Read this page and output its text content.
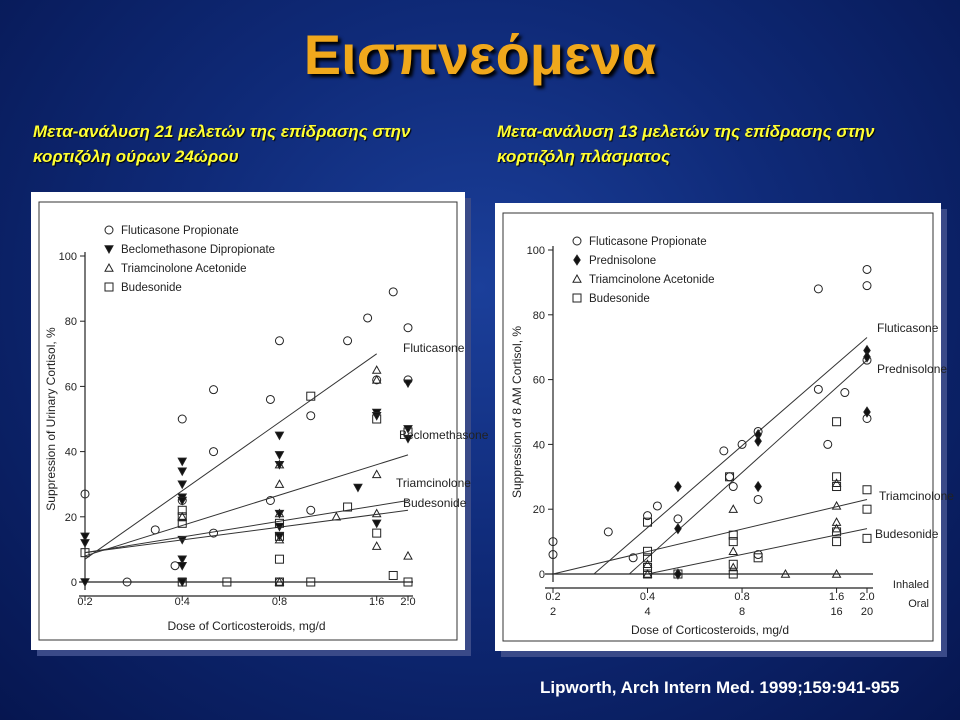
Εισπνεόμενα
Μετα-ανάλυση 21 μελετών της επίδρασης στην κορτιζόλη ούρων 24ώρου
Μετα-ανάλυση 13 μελετών της επίδρασης στην κορτιζόλη πλάσματος
0
20
40
60
80
100
0.2	0.4	0.8	1.6 2.0
Dose of Corticosteroids, mg/d
Suppression of Urinary Cortisol, %	Fluticasone
Fluticasone Propionate
Beclomethasone
Beclomethasone Dipropionate
Triamcinolone
Triamcinolone Acetonide
Budesonide
Budesonide
0
20
40
60
80
100
0.2
2
0.4
4
0.8
8
1.6
16
2.0
20
Inhaled
Oral
Dose of Corticosteroids, mg/d
Suppression of 8 AM Cortisol, %	Fluticasone
Fluticasone Propionate
Prednisolone
Prednisolone
Triamcinolone
Triamcinolone Acetonide
Budesonide
Budesonide
Lipworth, Arch Intern Med. 1999;159:941-955
